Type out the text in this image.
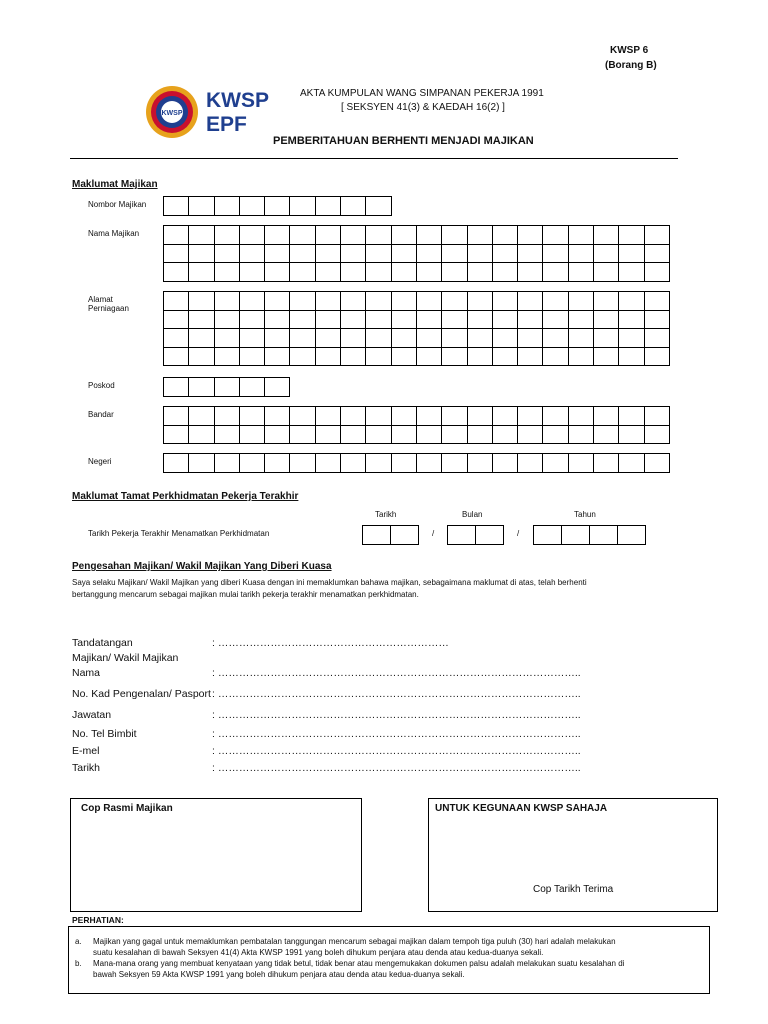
KWSP 6
(Borang B)
KWSP
KWSP
EPF
AKTA KUMPULAN WANG SIMPANAN PEKERJA 1991
[ SEKSYEN 41(3) & KAEDAH 16(2) ]
PEMBERITAHUAN BERHENTI MENJADI MAJIKAN
Maklumat Majikan
Nombor Majikan
Nama Majikan
Alamat
Perniagaan
Poskod
Bandar
Negeri
Maklumat Tamat Perkhidmatan Pekerja Terakhir
Tarikh	Bulan	Tahun
Tarikh Pekerja Terakhir Menamatkan Perkhidmatan	/	/
Pengesahan Majikan/ Wakil Majikan Yang Diberi Kuasa
Saya selaku Majikan/ Wakil Majikan yang diberi Kuasa dengan ini memaklumkan bahawa majikan, sebagaimana maklumat di atas, telah berhenti
bertanggung mencarum sebagai majikan mulai tarikh pekerja terakhir menamatkan perkhidmatan.
Tandatangan	: …………………………………………………………
Majikan/ Wakil Majikan
Nama	: …………………………………………………………………………………………..
No. Kad Pengenalan/ Pasport : …………………………………………………………………………………………..
Jawatan	: …………………………………………………………………………………………..
No. Tel Bimbit	: …………………………………………………………………………………………..
E-mel	: …………………………………………………………………………………………..
Tarikh	: …………………………………………………………………………………………..
Cop Rasmi Majikan	UNTUK KEGUNAAN KWSP SAHAJA
Cop Tarikh Terima
PERHATIAN:
a.	Majikan yang gagal untuk memaklumkan pembatalan tanggungan mencarum sebagai majikan dalam tempoh tiga puluh (30) hari adalah melakukan
suatu kesalahan di bawah Seksyen 41(4) Akta KWSP 1991 yang boleh dihukum penjara atau denda atau kedua-duanya sekali.
b.	Mana-mana orang yang membuat kenyataan yang tidak betul, tidak benar atau mengemukakan dokumen palsu adalah melakukan suatu kesalahan di
bawah Seksyen 59 Akta KWSP 1991 yang boleh dihukum penjara atau denda atau kedua-duanya sekali.
